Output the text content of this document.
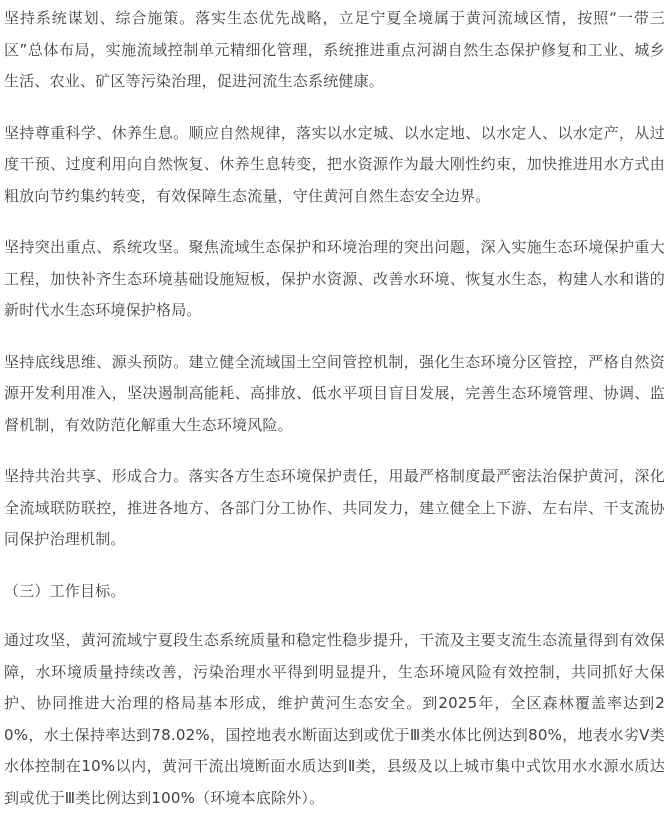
坚持系统谋划、综合施策。落实生态优先战略，立足宁夏全境属于黄河流域区情，按照“一带三区”总体布局，实施流域控制单元精细化管理，系统推进重点河湖自然生态保护修复和工业、城乡生活、农业、矿区等污染治理，促进河流生态系统健康。

坚持尊重科学、休养生息。顺应自然规律，落实以水定城、以水定地、以水定人、以水定产，从过度干预、过度利用向自然恢复、休养生息转变，把水资源作为最大刚性约束，加快推进用水方式由粗放向节约集约转变，有效保障生态流量，守住黄河自然生态安全边界。

坚持突出重点、系统攻坚。聚焦流域生态保护和环境治理的突出问题，深入实施生态环境保护重大工程，加快补齐生态环境基础设施短板，保护水资源、改善水环境、恢复水生态，构建人水和谐的新时代水生态环境保护格局。

坚持底线思维、源头预防。建立健全流域国土空间管控机制，强化生态环境分区管控，严格自然资源开发利用准入，坚决遏制高能耗、高排放、低水平项目盲目发展，完善生态环境管理、协调、监督机制，有效防范化解重大生态环境风险。

坚持共治共享、形成合力。落实各方生态环境保护责任，用最严格制度最严密法治保护黄河，深化全流域联防联控，推进各地方、各部门分工协作、共同发力，建立健全上下游、左右岸、干支流协同保护治理机制。

（三）工作目标。

通过攻坚，黄河流域宁夏段生态系统质量和稳定性稳步提升，干流及主要支流生态流量得到有效保障，水环境质量持续改善，污染治理水平得到明显提升，生态环境风险有效控制，共同抓好大保护、协同推进大治理的格局基本形成，维护黄河生态安全。到2025年，全区森林覆盖率达到20%，水土保持率达到78.02%，国控地表水断面达到或优于Ⅲ类水体比例达到80%，地表水劣Ⅴ类水体控制在10%以内，黄河干流出境断面水质达到Ⅱ类，县级及以上城市集中式饮用水水源水质达到或优于Ⅲ类比例达到100%（环境本底除外）。
